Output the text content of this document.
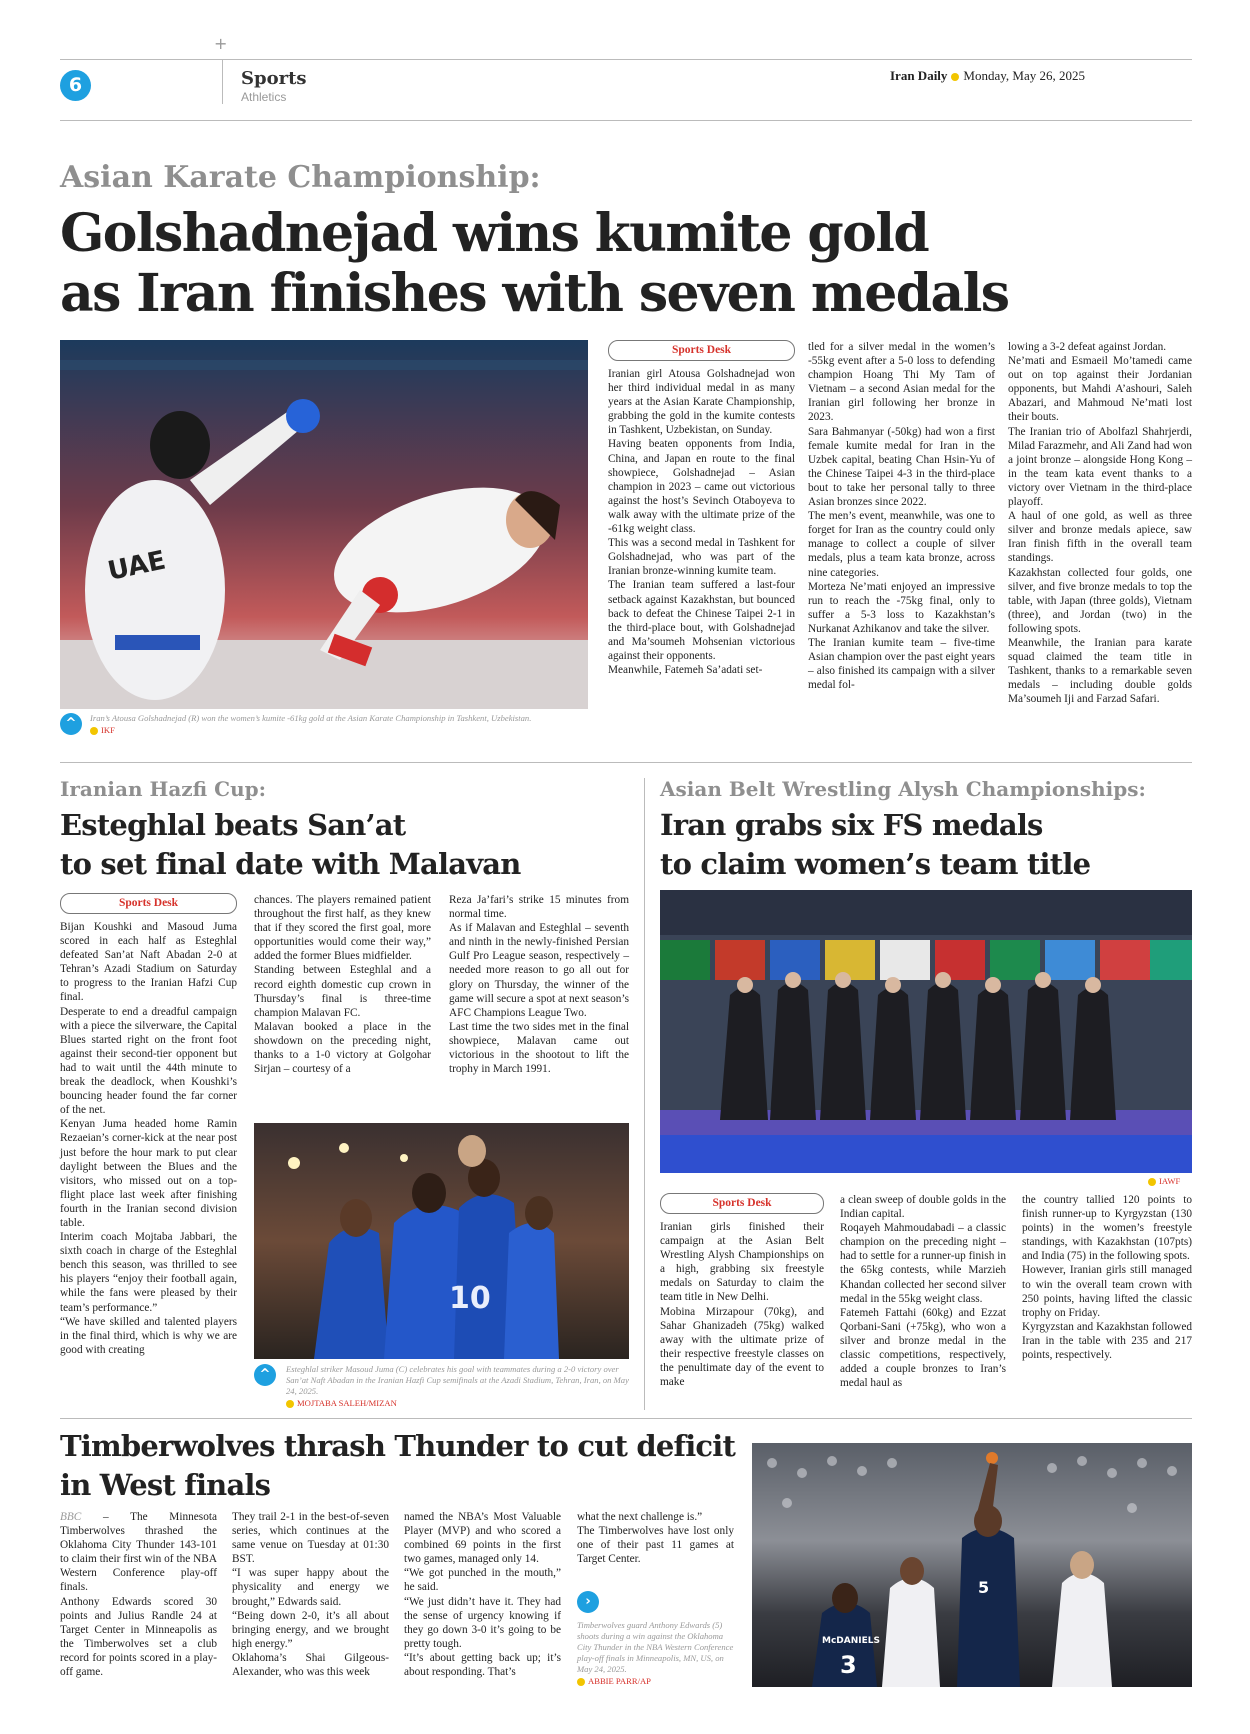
+
6	Sports
Athletics
Iran Daily Monday, May 26, 2025
Asian Karate Championship:
Golshadnejad wins kumite gold
as Iran finishes with seven medals
UAE
^	Iran’s Atousa Golshadnejad (R) won the women’s kumite -61kg gold at the Asian Karate Championship in Tashkent, Uzbekistan.
IKF
Sports Desk

Iranian girl Atousa Golshadnejad won her third individual medal in as many years at the Asian Karate Championship, grabbing the gold in the kumite contests in Tashkent, Uzbekistan, on Sunday.

Having beaten opponents from India, China, and Japan en route to the final showpiece, Golshadnejad – Asian champion in 2023 – came out victorious against the host’s Sevinch Otaboyeva to walk away with the ultimate prize of the -61kg weight class.

This was a second medal in Tashkent for Golshadnejad, who was part of the Iranian bronze-winning kumite team.

The Iranian team suffered a last-four setback against Kazakhstan, but bounced back to defeat the Chinese Taipei 2-1 in the third-place bout, with Golshadnejad and Ma’soumeh Mohsenian victorious against their opponents.

Meanwhile, Fatemeh Sa’adati set-

tled for a silver medal in the women’s -55kg event after a 5-0 loss to defending champion Hoang Thi My Tam of Vietnam – a second Asian medal for the Iranian girl following her bronze in 2023.

Sara Bahmanyar (-50kg) had won a first female kumite medal for Iran in the Uzbek capital, beating Chan Hsin-Yu of the Chinese Taipei 4-3 in the third-place bout to take her personal tally to three Asian bronzes since 2022.

The men’s event, meanwhile, was one to forget for Iran as the country could only manage to collect a couple of silver medals, plus a team kata bronze, across nine categories.

Morteza Ne’mati enjoyed an impressive run to reach the -75kg final, only to suffer a 5-3 loss to Kazakhstan’s Nurkanat Azhikanov and take the silver.

The Iranian kumite team – five-time Asian champion over the past eight years – also finished its campaign with a silver medal fol-

lowing a 3-2 defeat against Jordan.

Ne’mati and Esmaeil Mo’tamedi came out on top against their Jordanian opponents, but Mahdi A’ashouri, Saleh Abazari, and Mahmoud Ne’mati lost their bouts.

The Iranian trio of Abolfazl Shahrjerdi, Milad Farazmehr, and Ali Zand had won a joint bronze – alongside Hong Kong – in the team kata event thanks to a victory over Vietnam in the third-place playoff.

A haul of one gold, as well as three silver and bronze medals apiece, saw Iran finish fifth in the overall team standings.

Kazakhstan collected four golds, one silver, and five bronze medals to top the table, with Japan (three golds), Vietnam (three), and Jordan (two) in the following spots.

Meanwhile, the Iranian para karate squad claimed the team title in Tashkent, thanks to a remarkable seven medals – including double golds Ma’soumeh Iji and Farzad Safari.

Iranian Hazfi Cup:
Esteghlal beats San’at
to set final date with Malavan
Sports Desk

Bijan Koushki and Masoud Juma scored in each half as Esteghlal defeated San’at Naft Abadan 2-0 at Tehran’s Azadi Stadium on Saturday to progress to the Iranian Hafzi Cup final.

Desperate to end a dreadful campaign with a piece the silverware, the Capital Blues started right on the front foot against their second-tier opponent but had to wait until the 44th minute to break the deadlock, when Koushki’s bouncing header found the far corner of the net.

Kenyan Juma headed home Ramin Rezaeian’s corner-kick at the near post just before the hour mark to put clear daylight between the Blues and the visitors, who missed out on a top-flight place last week after finishing fourth in the Iranian second division table.

Interim coach Mojtaba Jabbari, the sixth coach in charge of the Esteghlal bench this season, was thrilled to see his players “enjoy their football again, while the fans were pleased by their team’s performance.”

“We have skilled and talented players in the final third, which is why we are good with creating

chances. The players remained patient throughout the first half, as they knew that if they scored the first goal, more opportunities would come their way,” added the former Blues midfielder.

Standing between Esteghlal and a record eighth domestic cup crown in Thursday’s final is three-time champion Malavan FC.

Malavan booked a place in the showdown on the preceding night, thanks to a 1-0 victory at Golgohar Sirjan – courtesy of a

Reza Ja’fari’s strike 15 minutes from normal time.

As if Malavan and Esteghlal – seventh and ninth in the newly-finished Persian Gulf Pro League season, respectively – needed more reason to go all out for glory on Thursday, the winner of the game will secure a spot at next season’s AFC Champions League Two.

Last time the two sides met in the final showpiece, Malavan came out victorious in the shootout to lift the trophy in March 1991.

10
^	Esteghlal striker Masoud Juma (C) celebrates his goal with teammates during a 2-0 victory over San’at Naft Abadan in the Iranian Hazfi Cup semifinals at the Azadi Stadium, Tehran, Iran, on May 24, 2025.
MOJTABA SALEH/MIZAN
Asian Belt Wrestling Alysh Championships:
Iran grabs six FS medals
to claim women’s team title
IAWF
Sports Desk

Iranian girls finished their campaign at the Asian Belt Wrestling Alysh Championships on a high, grabbing six freestyle medals on Saturday to claim the team title in New Delhi.

Mobina Mirzapour (70kg), and Sahar Ghanizadeh (75kg) walked away with the ultimate prize of their respective freestyle classes on the penultimate day of the event to make

a clean sweep of double golds in the Indian capital.

Roqayeh Mahmoudabadi – a classic champion on the preceding night – had to settle for a runner-up finish in the 65kg contests, while Marzieh Khandan collected her second silver medal in the 55kg weight class.

Fatemeh Fattahi (60kg) and Ezzat Qorbani-Sani (+75kg), who won a silver and bronze medal in the classic competitions, respectively, added a couple bronzes to Iran’s medal haul as

the country tallied 120 points to finish runner-up to Kyrgyzstan (130 points) in the women’s freestyle standings, with Kazakhstan (107pts) and India (75) in the following spots.

However, Iranian girls still managed to win the overall team crown with 250 points, having lifted the classic trophy on Friday.

Kyrgyzstan and Kazakhstan followed Iran in the table with 235 and 217 points, respectively.

Timberwolves thrash Thunder to cut deficit
in West finals

BBC – The Minnesota Timberwolves thrashed the Oklahoma City Thunder 143-101 to claim their first win of the NBA Western Conference play-off finals.

Anthony Edwards scored 30 points and Julius Randle 24 at Target Center in Minneapolis as the Timberwolves set a club record for points scored in a play-off game.

They trail 2-1 in the best-of-seven series, which continues at the same venue on Tuesday at 01:30 BST.

“I was super happy about the physicality and energy we brought,” Edwards said.

“Being down 2-0, it’s all about bringing energy, and we brought high energy.”

Oklahoma’s Shai Gilgeous-Alexander, who was this week

named the NBA’s Most Valuable Player (MVP) and who scored a combined 69 points in the first two games, managed only 14.

“We got punched in the mouth,” he said.

“We just didn’t have it. They had the sense of urgency knowing if they go down 3-0 it’s going to be pretty tough.

“It’s about getting back up; it’s about responding. That’s

what the next challenge is.”

The Timberwolves have lost only one of their past 11 games at Target Center.

›
Timberwolves guard Anthony Edwards (5) shoots during a win against the Oklahoma City Thunder in the NBA Western Conference play-off finals in Minneapolis, MN, US, on May 24, 2025.
ABBIE PARR/AP
5
3
McDANIELS
